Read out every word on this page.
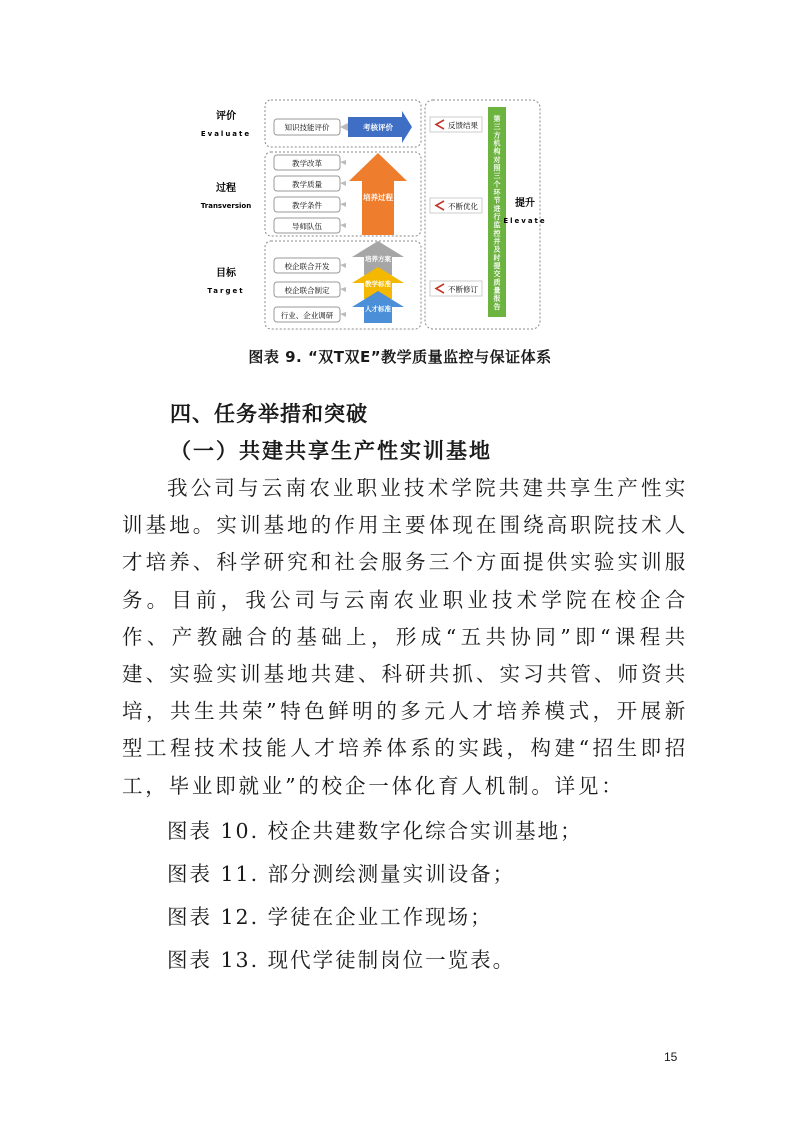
评价
Evaluate
过程
Transversion
目标
Target
知识技能评价	考核评价
教学改革
教学质量
教学条件
导师队伍
培养过程
校企联合开发
校企联合制定
行业、企业调研
培养方案
教学标准
人才标准
反馈结果
不断优化
不断修订
第三方机构对照三个环节进行监控并及时提交质量报告
提升
Elevate
图表 9. “双T双E”教学质量监控与保证体系
四、任务举措和突破
（一）共建共享生产性实训基地

我公司与云南农业职业技术学院共建共享生产性实训基地。实训基地的作用主要体现在围绕高职院技术人才培养、科学研究和社会服务三个方面提供实验实训服务。目前，我公司与云南农业职业技术学院在校企合作、产教融合的基础上，形成“五共协同”即“课程共建、实验实训基地共建、科研共抓、实习共管、师资共培，共生共荣”特色鲜明的多元人才培养模式，开展新型工程技术技能人才培养体系的实践，构建“招生即招工，毕业即就业”的校企一体化育人机制。详见：

图表 10. 校企共建数字化综合实训基地；
图表 11. 部分测绘测量实训设备；
图表 12. 学徒在企业工作现场；
图表 13. 现代学徒制岗位一览表。
15
